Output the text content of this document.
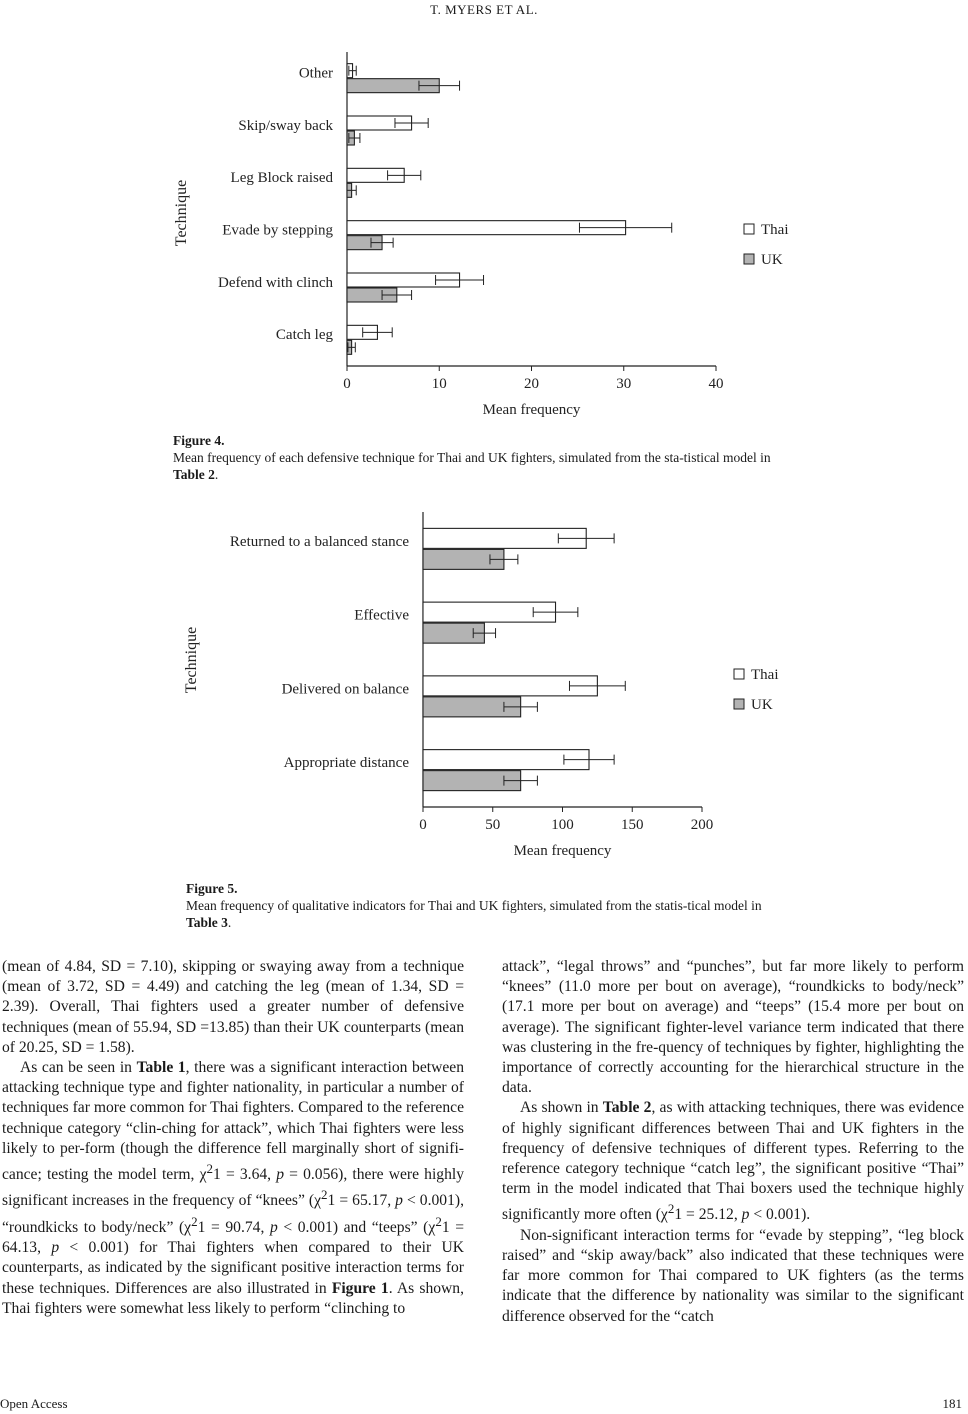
T. MYERS ET AL.
0	10	20	30	40
Mean frequency
Technique
Other
Skip/sway back
Leg Block raised
Evade by stepping
Defend with clinch
Catch leg
Thai
UK
Figure 4.
Mean frequency of each defensive technique for Thai and UK fighters, simulated from the sta-tistical model in Table 2.
0	50	100	150	200
Mean frequency
Technique
Returned to a balanced stance
Effective
Delivered on balance
Appropriate distance
Thai
UK
Figure 5.
Mean frequency of qualitative indicators for Thai and UK fighters, simulated from the statis-tical model in Table 3.

(mean of 4.84, SD = 7.10), skipping or swaying away from a technique (mean of 3.72, SD = 4.49) and catching the leg (mean of 1.34, SD = 2.39). Overall, Thai fighters used a greater number of defensive techniques (mean of 55.94, SD =13.85) than their UK counterparts (mean of 20.25, SD = 1.58).

As can be seen in Table 1, there was a significant interaction between attacking technique type and fighter nationality, in particular a number of techniques far more common for Thai fighters. Compared to the reference technique category “clin-ching for attack”, which Thai fighters were less likely to per-form (though the difference fell marginally short of signifi-cance; testing the model term, $\chi^21 = 3.64$, p = 0.056), there were highly significant increases in the frequency of “knees” ($\chi^21 = 65.17$, p < 0.001), “roundkicks to body/neck” ($\chi^21 = 90.74$, p < 0.001) and “teeps” ($\chi^21 = 64.13$, p < 0.001) for Thai fighters when compared to their UK counterparts, as indicated by the significant positive interaction terms for these techniques. Differences are also illustrated in Figure 1. As shown, Thai fighters were somewhat less likely to perform “clinching to

attack”, “legal throws” and “punches”, but far more likely to perform “knees” (11.0 more per bout on average), “roundkicks to body/neck” (17.1 more per bout on average) and “teeps” (15.4 more per bout on average). The significant fighter-level variance term indicated that there was clustering in the fre-quency of techniques by fighter, highlighting the importance of correctly accounting for the hierarchical structure in the data.

As shown in Table 2, as with attacking techniques, there was evidence of highly significant differences between Thai and UK fighters in the frequency of defensive techniques of different types. Referring to the reference category technique “catch leg”, the significant positive “Thai” term in the model indicated that Thai boxers used the technique highly significantly more often ($\chi^21 = 25.12$, p < 0.001).

Non-significant interaction terms for “evade by stepping”, “leg block raised” and “skip away/back” also indicated that these techniques were far more common for Thai compared to UK fighters (as the terms indicate that the difference by nationality was similar to the significant difference observed for the “catch

Open Access	181
